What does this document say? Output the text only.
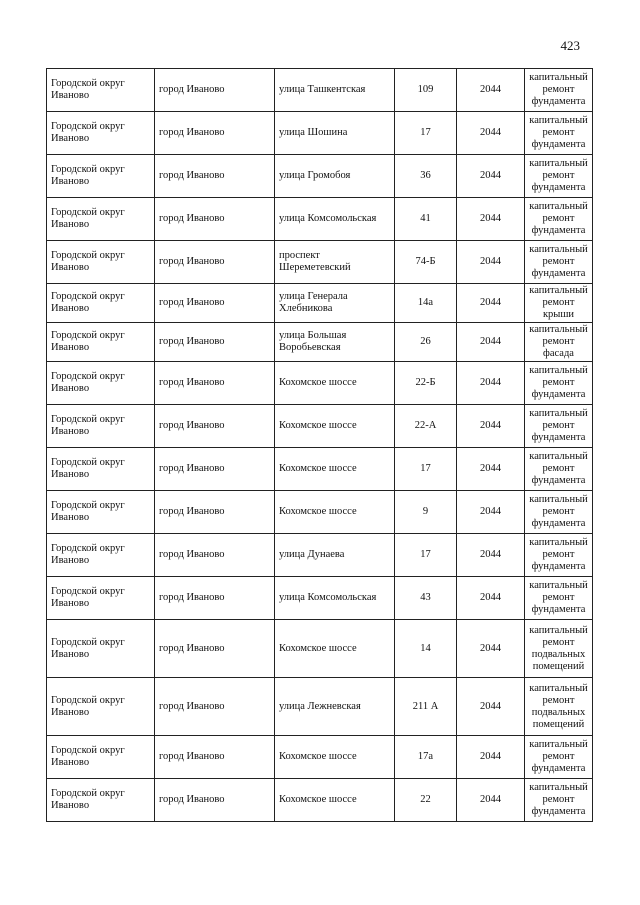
423
Городской округ Иваново	город Иваново	улица Ташкентская	109	2044	капитальный ремонт фундамента
Городской округ Иваново	город Иваново	улица Шошина	17	2044	капитальный ремонт фундамента
Городской округ Иваново	город Иваново	улица Громобоя	36	2044	капитальный ремонт фундамента
Городской округ Иваново	город Иваново	улица Комсомольская	41	2044	капитальный ремонт фундамента
Городской округ Иваново	город Иваново	проспект Шереметевский	74-Б	2044	капитальный ремонт фундамента
Городской округ Иваново	город Иваново	улица Генерала Хлебникова	14а	2044	капитальный ремонт крыши
Городской округ Иваново	город Иваново	улица Большая Воробьевская	26	2044	капитальный ремонт фасада
Городской округ Иваново	город Иваново	Кохомское шоссе	22-Б	2044	капитальный ремонт фундамента
Городской округ Иваново	город Иваново	Кохомское шоссе	22-А	2044	капитальный ремонт фундамента
Городской округ Иваново	город Иваново	Кохомское шоссе	17	2044	капитальный ремонт фундамента
Городской округ Иваново	город Иваново	Кохомское шоссе	9	2044	капитальный ремонт фундамента
Городской округ Иваново	город Иваново	улица Дунаева	17	2044	капитальный ремонт фундамента
Городской округ Иваново	город Иваново	улица Комсомольская	43	2044	капитальный ремонт фундамента
Городской округ Иваново	город Иваново	Кохомское шоссе	14	2044	капитальный ремонт подвальных помещений
Городской округ Иваново	город Иваново	улица Лежневская	211 А	2044	капитальный ремонт подвальных помещений
Городской округ Иваново	город Иваново	Кохомское шоссе	17а	2044	капитальный ремонт фундамента
Городской округ Иваново	город Иваново	Кохомское шоссе	22	2044	капитальный ремонт фундамента
